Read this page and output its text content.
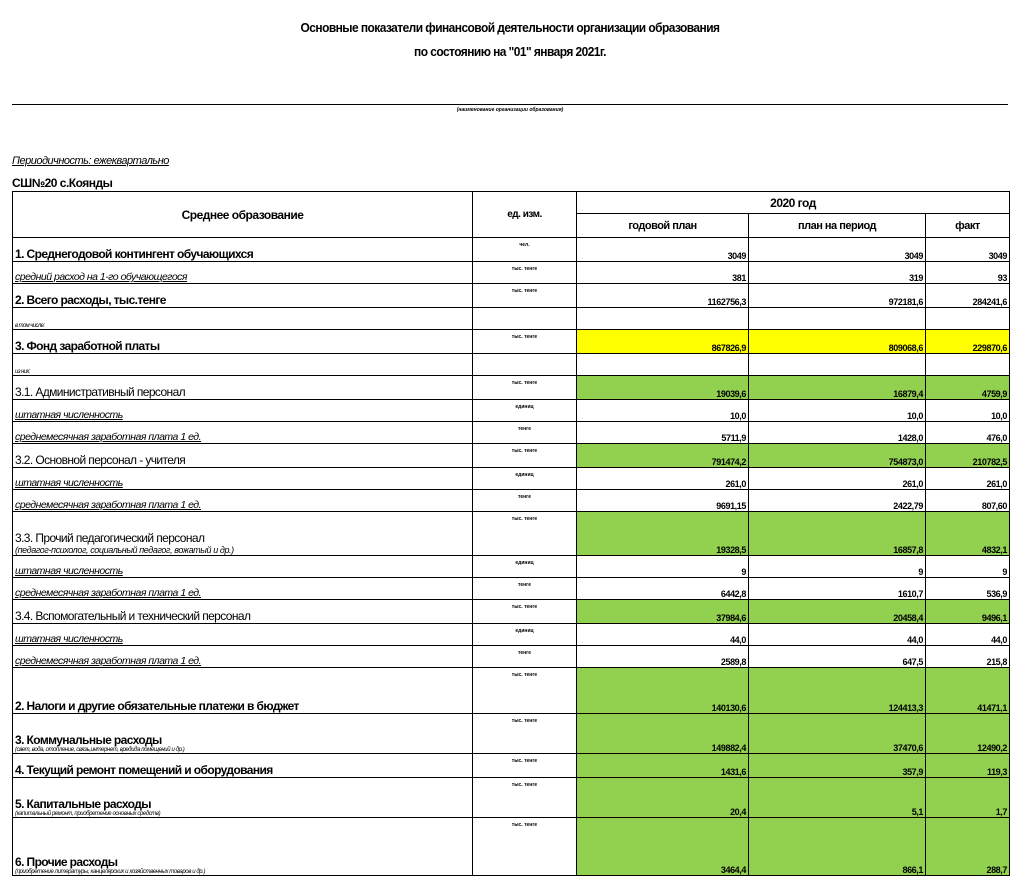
Основные показатели финансовой деятельности организации образования
по состоянию на "01" января 2021г.
(наименование организации образования)
Периодичность: ежеквартально
СШ№20 с.Коянды
Среднее образование	ед. изм.	2020 год		
		годовой план	план на период	факт
1. Среднегодовой контингент обучающихся	чел.	3049	3049	3049
средний расход на 1-го обучающегося	тыс. тенге	381	319	93
2. Всего расходы, тыс.тенге	тыс. тенге	1162756,3	972181,6	284241,6
в том числе:				
3. Фонд заработной платы	тыс. тенге	867826,9	809068,6	229870,6
из них:				
3.1. Административный персонал	тыс. тенге	19039,6	16879,4	4759,9
штатная численность	единиц	10,0	10,0	10,0
среднемесячная заработная плата 1 ед.	тенге	5711,9	1428,0	476,0
3.2. Основной персонал - учителя	тыс. тенге	791474,2	754873,0	210782,5
штатная численность	единиц	261,0	261,0	261,0
среднемесячная заработная плата 1 ед.	тенге	9691,15	2422,79	807,60
3.3. Прочий педагогический персонал
(педагог-психолог, социальный педагог, вожатый и др.)	тыс. тенге	19328,5	16857,8	4832,1
штатная численность	единиц	9	9	9
среднемесячная заработная плата 1 ед.	тенге	6442,8	1610,7	536,9
3.4. Вспомогательный и технический персонал	тыс. тенге	37984,6	20458,4	9496,1
штатная численность	единиц	44,0	44,0	44,0
среднемесячная заработная плата 1 ед.	тенге	2589,8	647,5	215,8
2. Налоги и другие обязательные платежи в бюджет	тыс. тенге	140130,6	124413,3	41471,1
3. Коммунальные расходы
(свет, вода, отопление, связь,интернет, вредида помещений и др.)	тыс. тенге	149882,4	37470,6	12490,2
4. Текущий ремонт помещений и оборудования	тыс. тенге	1431,6	357,9	119,3
5. Капитальные расходы
(капитальный ремонт, приобретение основных средств)	тыс. тенге	20,4	5,1	1,7
6. Прочие расходы
(приобретение литературы, канцелярских и хозяйственных товаров и др.)	тыс. тенге	3464,4	866,1	288,7
